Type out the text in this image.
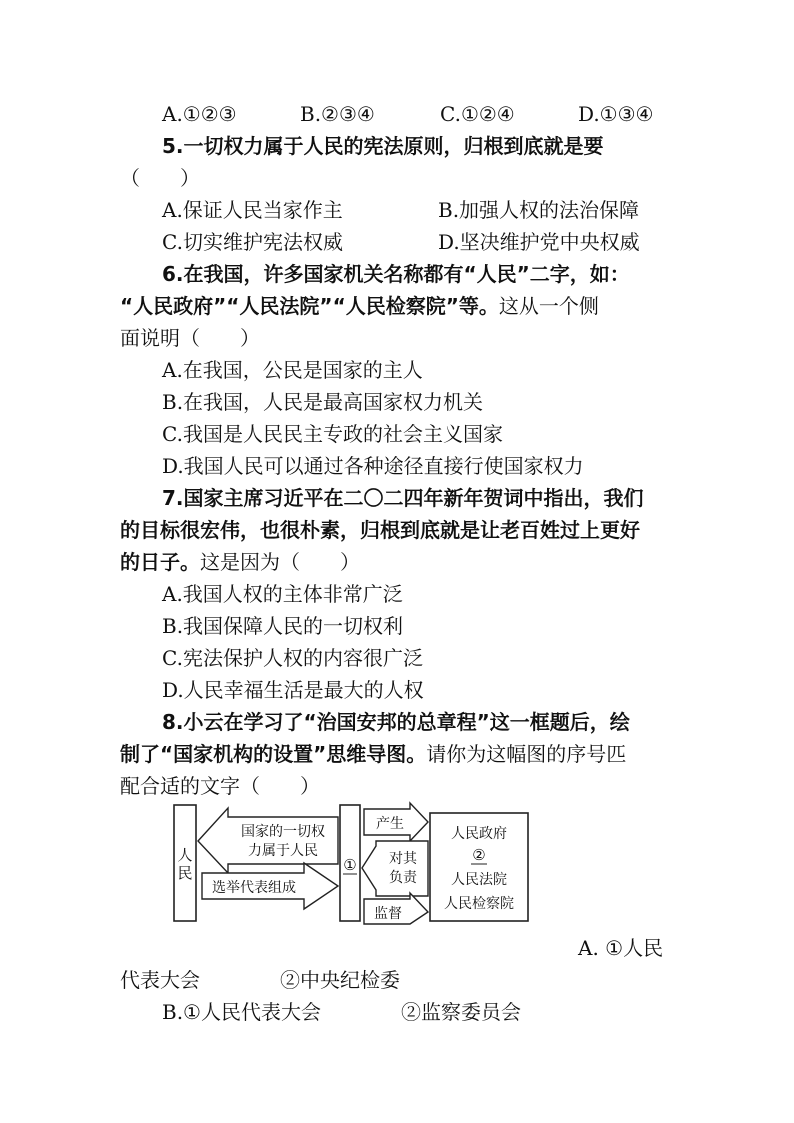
A.①②③	B.②③④	C.①②④	D.①③④
5.一切权力属于人民的宪法原则，归根到底就是要
（　　）
A.保证人民当家作主	B.加强人权的法治保障
C.切实维护宪法权威	D.坚决维护党中央权威
6.在我国，许多国家机关名称都有“人民”二字，如：
“人民政府”“人民法院”“人民检察院”等。这从一个侧
面说明（　　）
A.在我国，公民是国家的主人
B.在我国，人民是最高国家权力机关
C.我国是人民民主专政的社会主义国家
D.我国人民可以通过各种途径直接行使国家权力
7.国家主席习近平在二〇二四年新年贺词中指出，我们
的目标很宏伟，也很朴素，归根到底就是让老百姓过上更好
的日子。这是因为（　　）
A.我国人权的主体非常广泛
B.我国保障人民的一切权利
C.宪法保护人权的内容很广泛
D.人民幸福生活是最大的人权
8.小云在学习了“治国安邦的总章程”这一框题后，绘
制了“国家机构的设置”思维导图。请你为这幅图的序号匹
配合适的文字（　　）
人
民
国家的一切权
力属于人民
选举代表组成
①
产生
对其
负责
监督
人民政府
②
人民法院
人民检察院
A. ①人民
代表大会　　　　②中央纪检委
B.①人民代表大会　　　　②监察委员会
